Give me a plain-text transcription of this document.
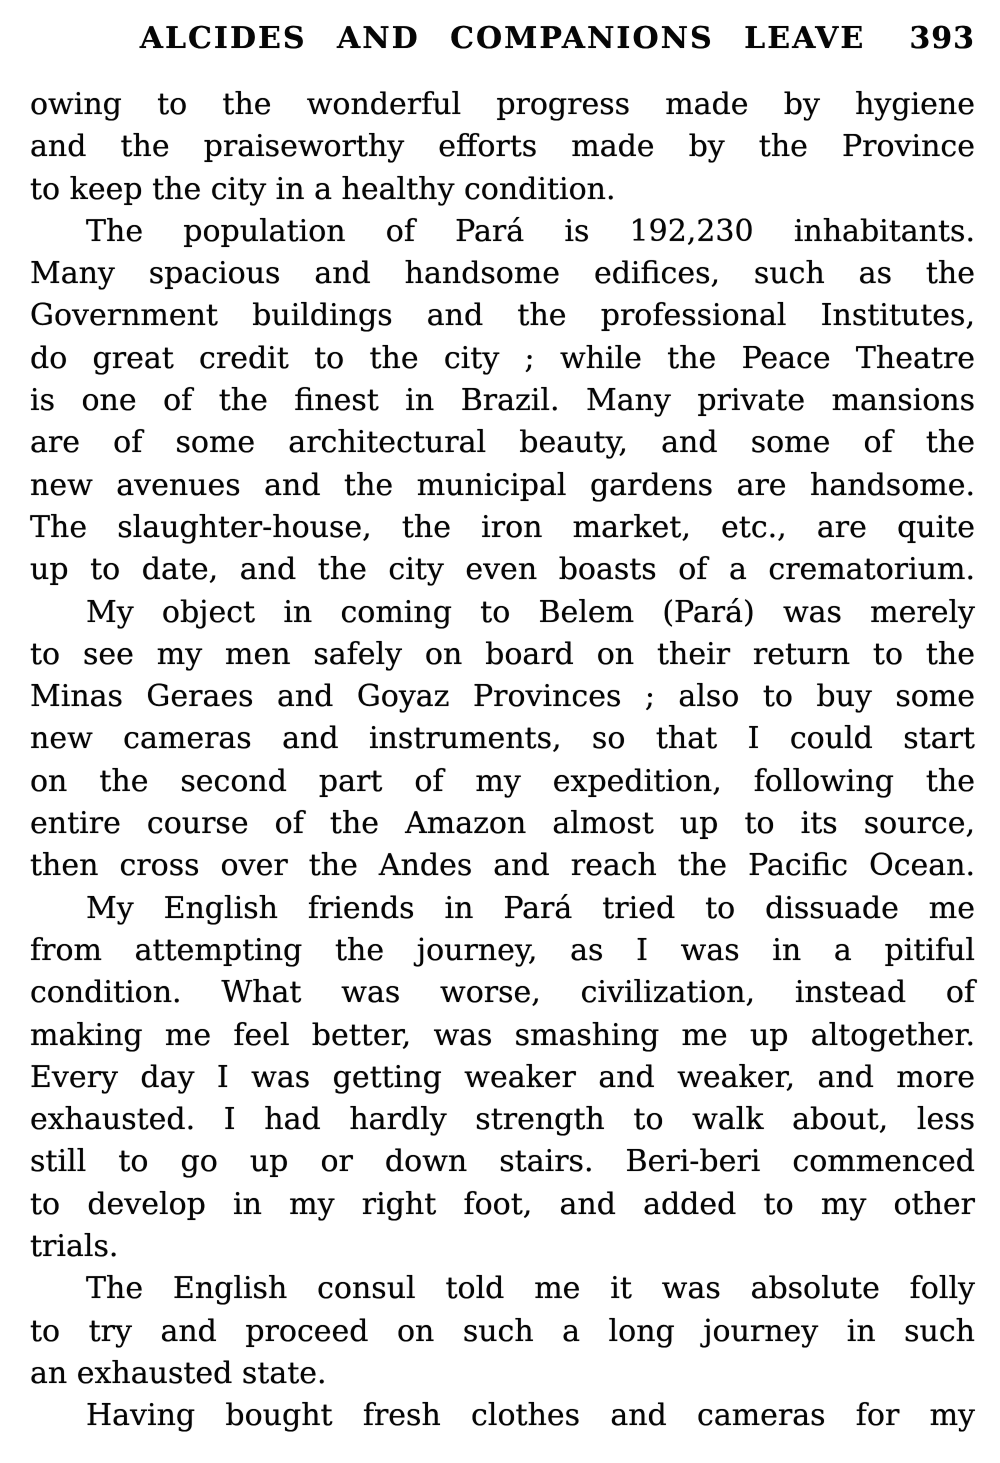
ALCIDES AND COMPANIONS LEAVE 393
owing to the wonderful progress made by hygiene
and the praiseworthy efforts made by the Province
to keep the city in a healthy condition.
The population of Pará is 192,230 inhabitants.
Many spacious and handsome edifices, such as the
Government buildings and the professional Institutes,
do great credit to the city ; while the Peace Theatre
is one of the finest in Brazil. Many private mansions
are of some architectural beauty, and some of the
new avenues and the municipal gardens are handsome.
The slaughter-house, the iron market, etc., are quite
up to date, and the city even boasts of a crematorium.
My object in coming to Belem (Pará) was merely
to see my men safely on board on their return to the
Minas Geraes and Goyaz Provinces ; also to buy some
new cameras and instruments, so that I could start
on the second part of my expedition, following the
entire course of the Amazon almost up to its source,
then cross over the Andes and reach the Pacific Ocean.
My English friends in Pará tried to dissuade me
from attempting the journey, as I was in a pitiful
condition. What was worse, civilization, instead of
making me feel better, was smashing me up altogether.
Every day I was getting weaker and weaker, and more
exhausted. I had hardly strength to walk about, less
still to go up or down stairs. Beri-beri commenced
to develop in my right foot, and added to my other
trials.
The English consul told me it was absolute folly
to try and proceed on such a long journey in such
an exhausted state.
Having bought fresh clothes and cameras for my
